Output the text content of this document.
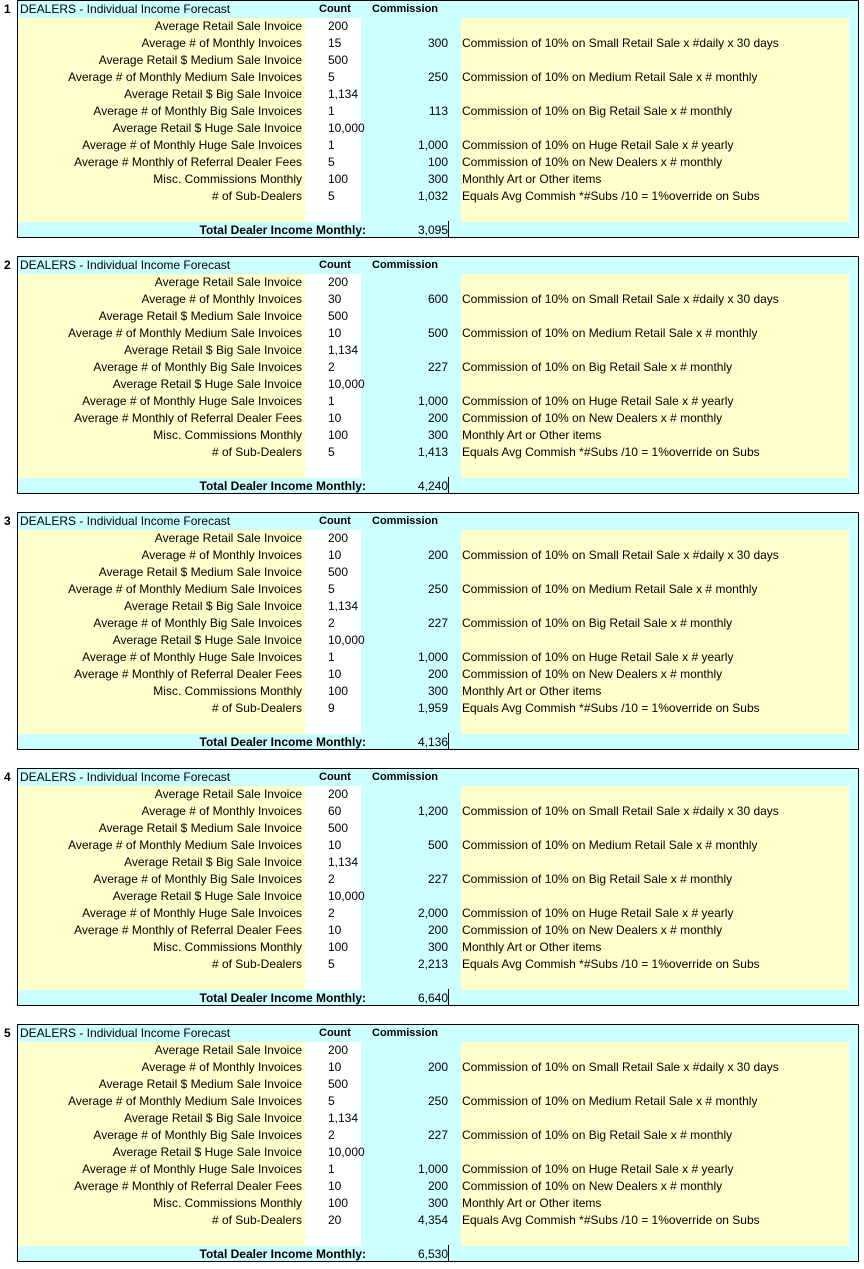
1 DEALERS - Individual Income Forecast	Count Commission
Average Retail Sale Invoice 200
Average # of Monthly Invoices 15	300 Commission of 10% on Small Retail Sale x #daily x 30 days
Average Retail $ Medium Sale Invoice 500
Average # of Monthly Medium Sale Invoices 5	250 Commission of 10% on Medium Retail Sale x # monthly
Average Retail $ Big Sale Invoice 1,134
Average # of Monthly Big Sale Invoices 1	113 Commission of 10% on Big Retail Sale x # monthly
Average Retail $ Huge Sale Invoice 10,000
Average # of Monthly Huge Sale Invoices 1	1,000 Commission of 10% on Huge Retail Sale x # yearly
Average # Monthly of Referral Dealer Fees 5	100 Commission of 10% on New Dealers x # monthly
Misc. Commissions Monthly 100	300 Monthly Art or Other items
# of Sub-Dealers 5	1,032 Equals Avg Commish *#Subs /10 = 1%override on Subs
Total Dealer Income Monthly:	3,095
2 DEALERS - Individual Income Forecast	Count Commission
Average Retail Sale Invoice 200
Average # of Monthly Invoices 30	600 Commission of 10% on Small Retail Sale x #daily x 30 days
Average Retail $ Medium Sale Invoice 500
Average # of Monthly Medium Sale Invoices 10	500 Commission of 10% on Medium Retail Sale x # monthly
Average Retail $ Big Sale Invoice 1,134
Average # of Monthly Big Sale Invoices 2	227 Commission of 10% on Big Retail Sale x # monthly
Average Retail $ Huge Sale Invoice 10,000
Average # of Monthly Huge Sale Invoices 1	1,000 Commission of 10% on Huge Retail Sale x # yearly
Average # Monthly of Referral Dealer Fees 10	200 Commission of 10% on New Dealers x # monthly
Misc. Commissions Monthly 100	300 Monthly Art or Other items
# of Sub-Dealers 5	1,413 Equals Avg Commish *#Subs /10 = 1%override on Subs
Total Dealer Income Monthly:	4,240
3 DEALERS - Individual Income Forecast	Count Commission
Average Retail Sale Invoice 200
Average # of Monthly Invoices 10	200 Commission of 10% on Small Retail Sale x #daily x 30 days
Average Retail $ Medium Sale Invoice 500
Average # of Monthly Medium Sale Invoices 5	250 Commission of 10% on Medium Retail Sale x # monthly
Average Retail $ Big Sale Invoice 1,134
Average # of Monthly Big Sale Invoices 2	227 Commission of 10% on Big Retail Sale x # monthly
Average Retail $ Huge Sale Invoice 10,000
Average # of Monthly Huge Sale Invoices 1	1,000 Commission of 10% on Huge Retail Sale x # yearly
Average # Monthly of Referral Dealer Fees 10	200 Commission of 10% on New Dealers x # monthly
Misc. Commissions Monthly 100	300 Monthly Art or Other items
# of Sub-Dealers 9	1,959 Equals Avg Commish *#Subs /10 = 1%override on Subs
Total Dealer Income Monthly:	4,136
4 DEALERS - Individual Income Forecast	Count Commission
Average Retail Sale Invoice 200
Average # of Monthly Invoices 60	1,200 Commission of 10% on Small Retail Sale x #daily x 30 days
Average Retail $ Medium Sale Invoice 500
Average # of Monthly Medium Sale Invoices 10	500 Commission of 10% on Medium Retail Sale x # monthly
Average Retail $ Big Sale Invoice 1,134
Average # of Monthly Big Sale Invoices 2	227 Commission of 10% on Big Retail Sale x # monthly
Average Retail $ Huge Sale Invoice 10,000
Average # of Monthly Huge Sale Invoices 2	2,000 Commission of 10% on Huge Retail Sale x # yearly
Average # Monthly of Referral Dealer Fees 10	200 Commission of 10% on New Dealers x # monthly
Misc. Commissions Monthly 100	300 Monthly Art or Other items
# of Sub-Dealers 5	2,213 Equals Avg Commish *#Subs /10 = 1%override on Subs
Total Dealer Income Monthly:	6,640
5 DEALERS - Individual Income Forecast	Count Commission
Average Retail Sale Invoice 200
Average # of Monthly Invoices 10	200 Commission of 10% on Small Retail Sale x #daily x 30 days
Average Retail $ Medium Sale Invoice 500
Average # of Monthly Medium Sale Invoices 5	250 Commission of 10% on Medium Retail Sale x # monthly
Average Retail $ Big Sale Invoice 1,134
Average # of Monthly Big Sale Invoices 2	227 Commission of 10% on Big Retail Sale x # monthly
Average Retail $ Huge Sale Invoice 10,000
Average # of Monthly Huge Sale Invoices 1	1,000 Commission of 10% on Huge Retail Sale x # yearly
Average # Monthly of Referral Dealer Fees 10	200 Commission of 10% on New Dealers x # monthly
Misc. Commissions Monthly 100	300 Monthly Art or Other items
# of Sub-Dealers 20	4,354 Equals Avg Commish *#Subs /10 = 1%override on Subs
Total Dealer Income Monthly:	6,530
